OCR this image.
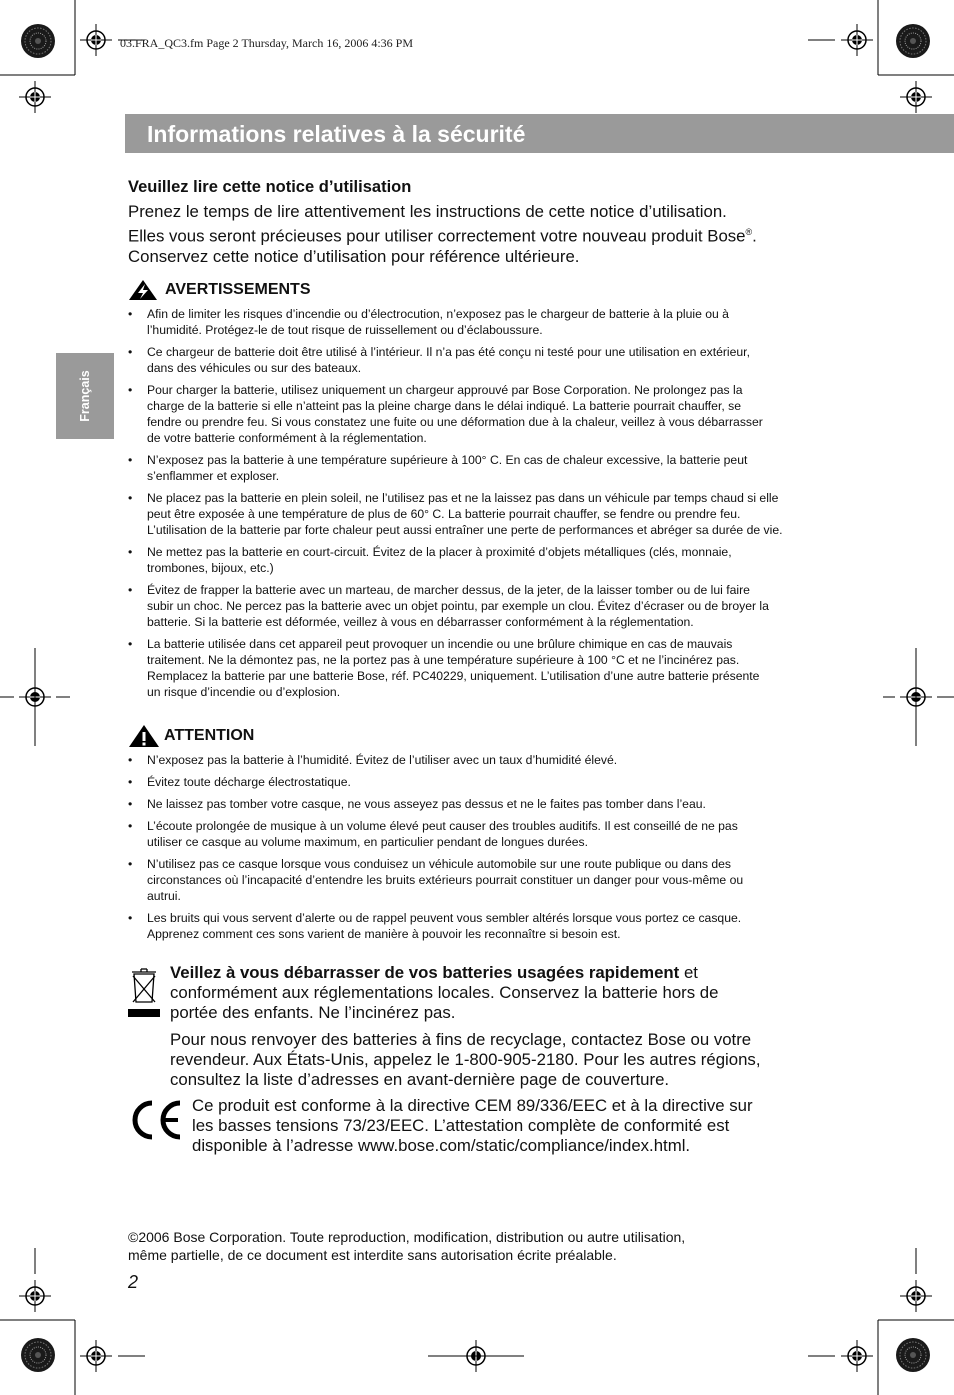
03.FRA_QC3.fm Page 2 Thursday, March 16, 2006 4:36 PM
Informations relatives à la sécurité
Français
Veuillez lire cette notice d’utilisation

Prenez le temps de lire attentivement les instructions de cette notice d’utilisation.

Elles vous seront précieuses pour utiliser correctement votre nouveau produit Bose®.

Conservez cette notice d’utilisation pour référence ultérieure.

AVERTISSEMENTS
• Afin de limiter les risques d’incendie ou d’électrocution, n’exposez pas le chargeur de batterie à la pluie ou à
l’humidité. Protégez-le de tout risque de ruissellement ou d’éclaboussure.
• Ce chargeur de batterie doit être utilisé à l’intérieur. Il n’a pas été conçu ni testé pour une utilisation en extérieur,
dans des véhicules ou sur des bateaux.
• Pour charger la batterie, utilisez uniquement un chargeur approuvé par Bose Corporation. Ne prolongez pas la
charge de la batterie si elle n’atteint pas la pleine charge dans le délai indiqué. La batterie pourrait chauffer, se
fendre ou prendre feu. Si vous constatez une fuite ou une déformation due à la chaleur, veillez à vous débarrasser
de votre batterie conformément à la réglementation.
• N’exposez pas la batterie à une température supérieure à 100° C. En cas de chaleur excessive, la batterie peut
s’enflammer et exploser.
• Ne placez pas la batterie en plein soleil, ne l’utilisez pas et ne la laissez pas dans un véhicule par temps chaud si elle
peut être exposée à une température de plus de 60° C. La batterie pourrait chauffer, se fendre ou prendre feu.
L’utilisation de la batterie par forte chaleur peut aussi entraîner une perte de performances et abréger sa durée de vie.
• Ne mettez pas la batterie en court-circuit. Évitez de la placer à proximité d’objets métalliques (clés, monnaie,
trombones, bijoux, etc.)
• Évitez de frapper la batterie avec un marteau, de marcher dessus, de la jeter, de la laisser tomber ou de lui faire
subir un choc. Ne percez pas la batterie avec un objet pointu, par exemple un clou. Évitez d’écraser ou de broyer la
batterie. Si la batterie est déformée, veillez à vous en débarrasser conformément à la réglementation.
• La batterie utilisée dans cet appareil peut provoquer un incendie ou une brûlure chimique en cas de mauvais
traitement. Ne la démontez pas, ne la portez pas à une température supérieure à 100 °C et ne l’incinérez pas.
Remplacez la batterie par une batterie Bose, réf. PC40229, uniquement. L’utilisation d’une autre batterie présente
un risque d’incendie ou d’explosion.
ATTENTION
• N’exposez pas la batterie à l’humidité. Évitez de l’utiliser avec un taux d’humidité élevé.
• Évitez toute décharge électrostatique.
• Ne laissez pas tomber votre casque, ne vous asseyez pas dessus et ne le faites pas tomber dans l’eau.
• L’écoute prolongée de musique à un volume élevé peut causer des troubles auditifs. Il est conseillé de ne pas
utiliser ce casque au volume maximum, en particulier pendant de longues durées.
• N’utilisez pas ce casque lorsque vous conduisez un véhicule automobile sur une route publique ou dans des
circonstances où l’incapacité d’entendre les bruits extérieurs pourrait constituer un danger pour vous-même ou
autrui.
• Les bruits qui vous servent d’alerte ou de rappel peuvent vous sembler altérés lorsque vous portez ce casque.
Apprenez comment ces sons varient de manière à pouvoir les reconnaître si besoin est.
Veillez à vous débarrasser de vos batteries usagées rapidement et
conformément aux réglementations locales. Conservez la batterie hors de
portée des enfants. Ne l’incinérez pas.
Pour nous renvoyer des batteries à fins de recyclage, contactez Bose ou votre
revendeur. Aux États-Unis, appelez le 1-800-905-2180. Pour les autres régions,
consultez la liste d’adresses en avant-dernière page de couverture.
Ce produit est conforme à la directive CEM 89/336/EEC et à la directive sur
les basses tensions 73/23/EEC. L’attestation complète de conformité est
disponible à l’adresse www.bose.com/static/compliance/index.html.
©2006 Bose Corporation. Toute reproduction, modification, distribution ou autre utilisation,
même partielle, de ce document est interdite sans autorisation écrite préalable.
2
